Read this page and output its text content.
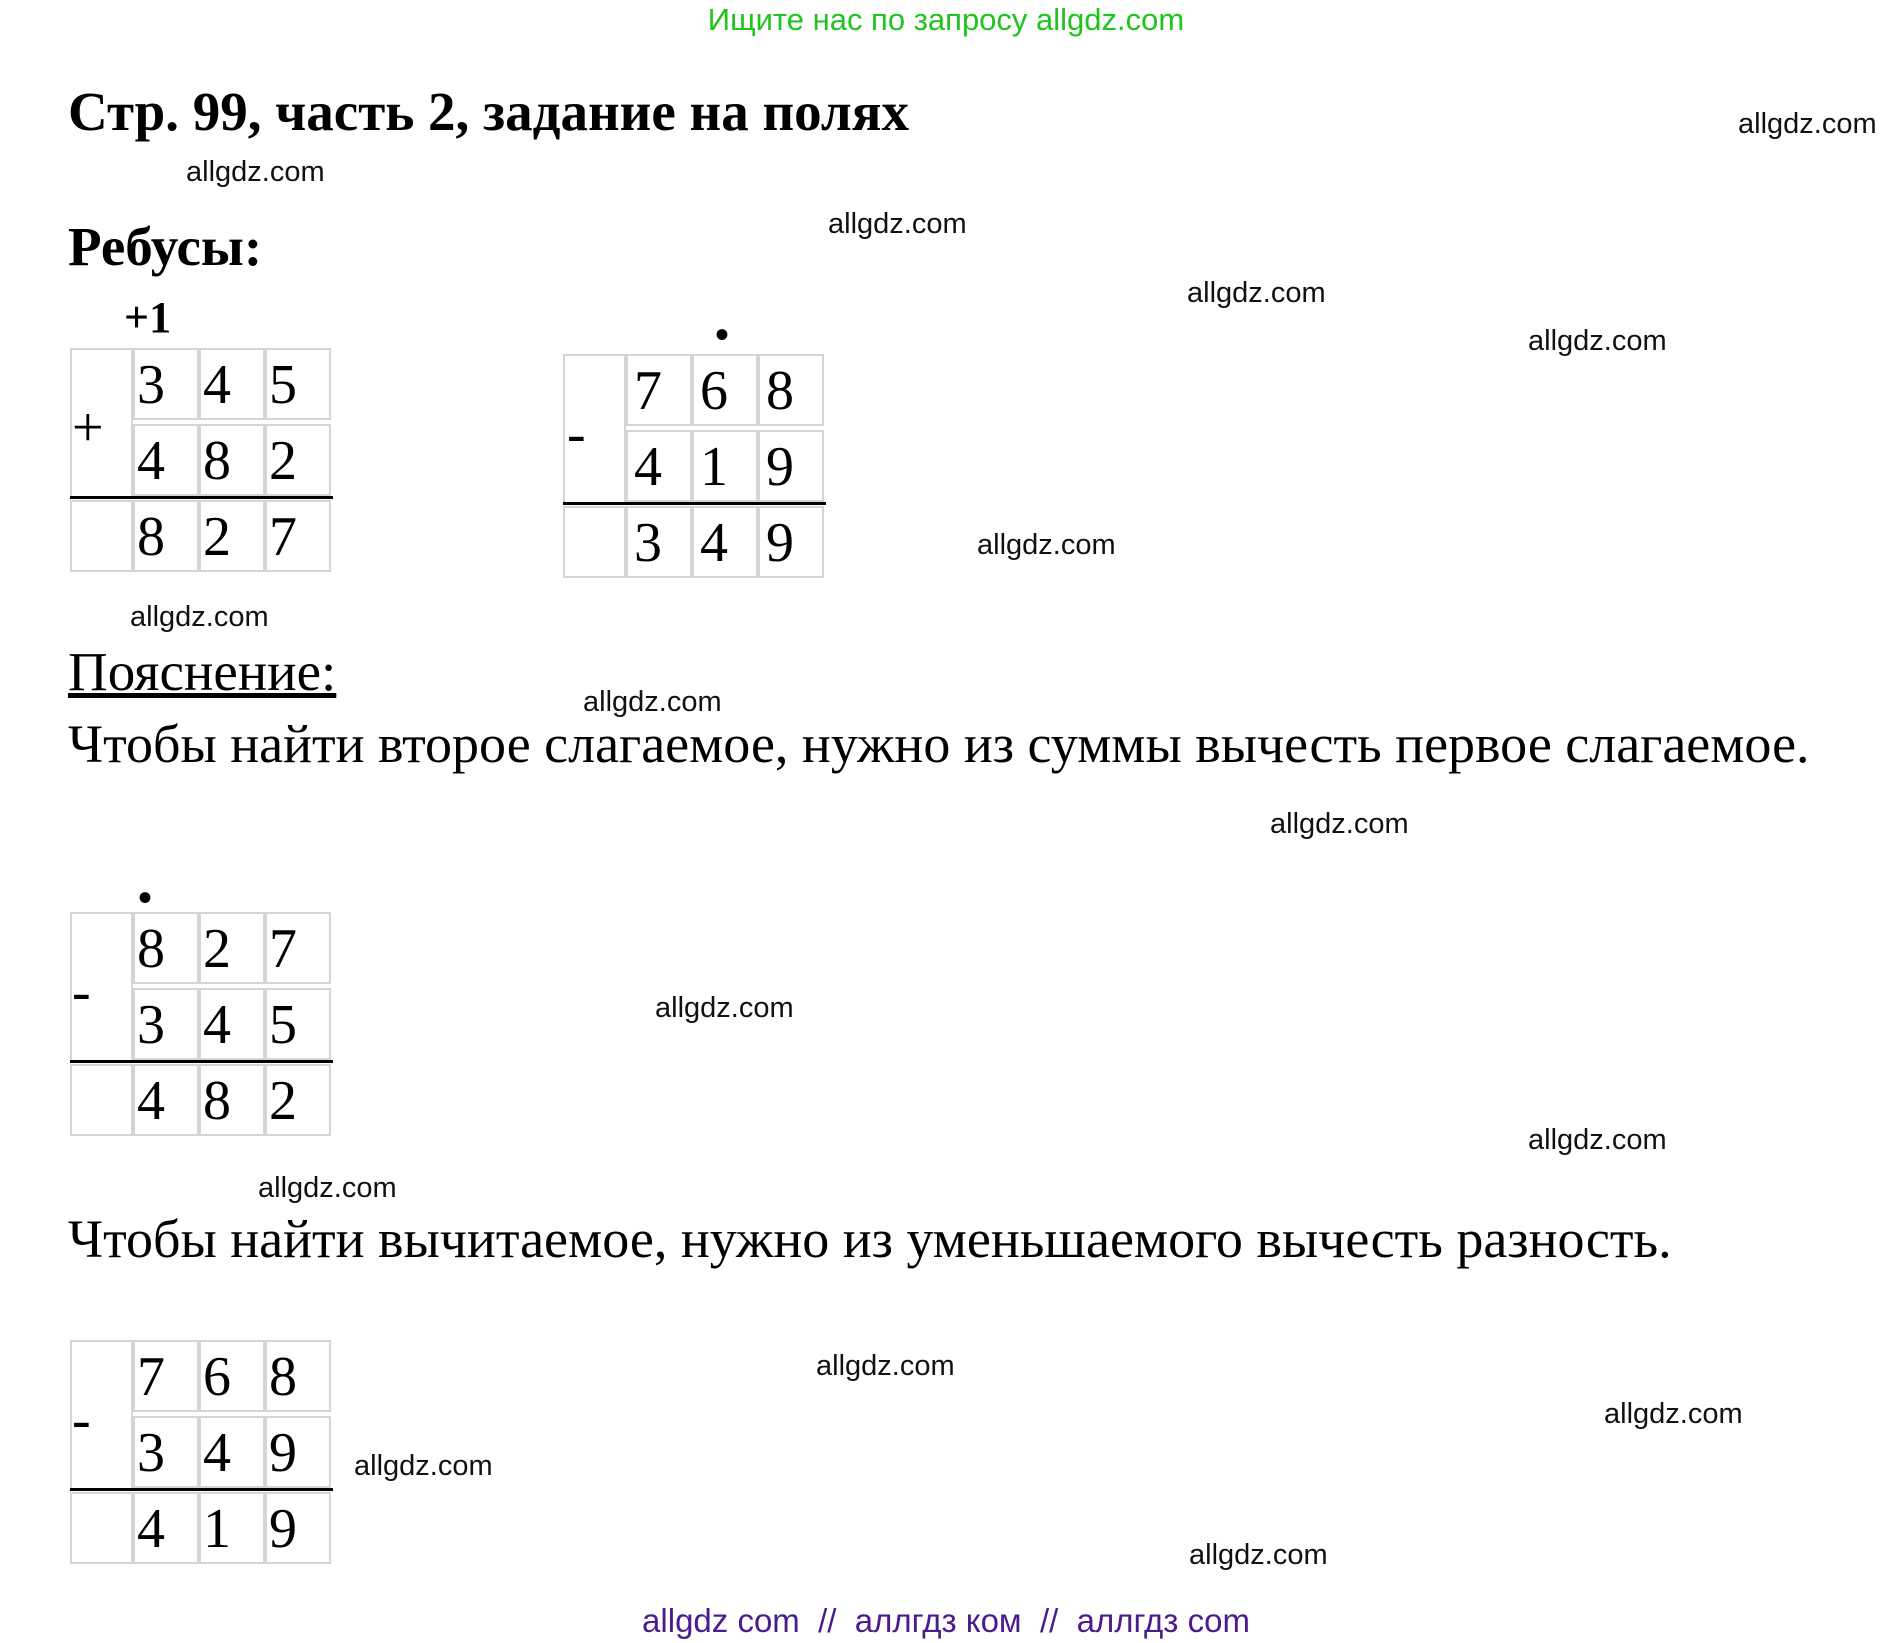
Ищите нас по запросу allgdz.com
Стр. 99, часть 2, задание на полях
Ребусы:
+1	•
•
+
3 4 5
4 8 2
8 2 7
-
7 6 8
4 1 9
3 4 9
Пояснение:
Чтобы найти второе слагаемое, нужно из суммы вычесть первое слагаемое.
-
8 2 7
3 4 5
4 8 2
Чтобы найти вычитаемое, нужно из уменьшаемого вычесть разность.
-
7 6 8
3 4 9
4 1 9
allgdz.com
allgdz.com
allgdz.com
allgdz.com
allgdz.com
allgdz.com
allgdz.com
allgdz.com
allgdz.com
allgdz.com
allgdz.com
allgdz.com
allgdz.com
allgdz.com
allgdz.com
allgdz.com
allgdz com  //  аллгдз ком  //  аллгдз com
